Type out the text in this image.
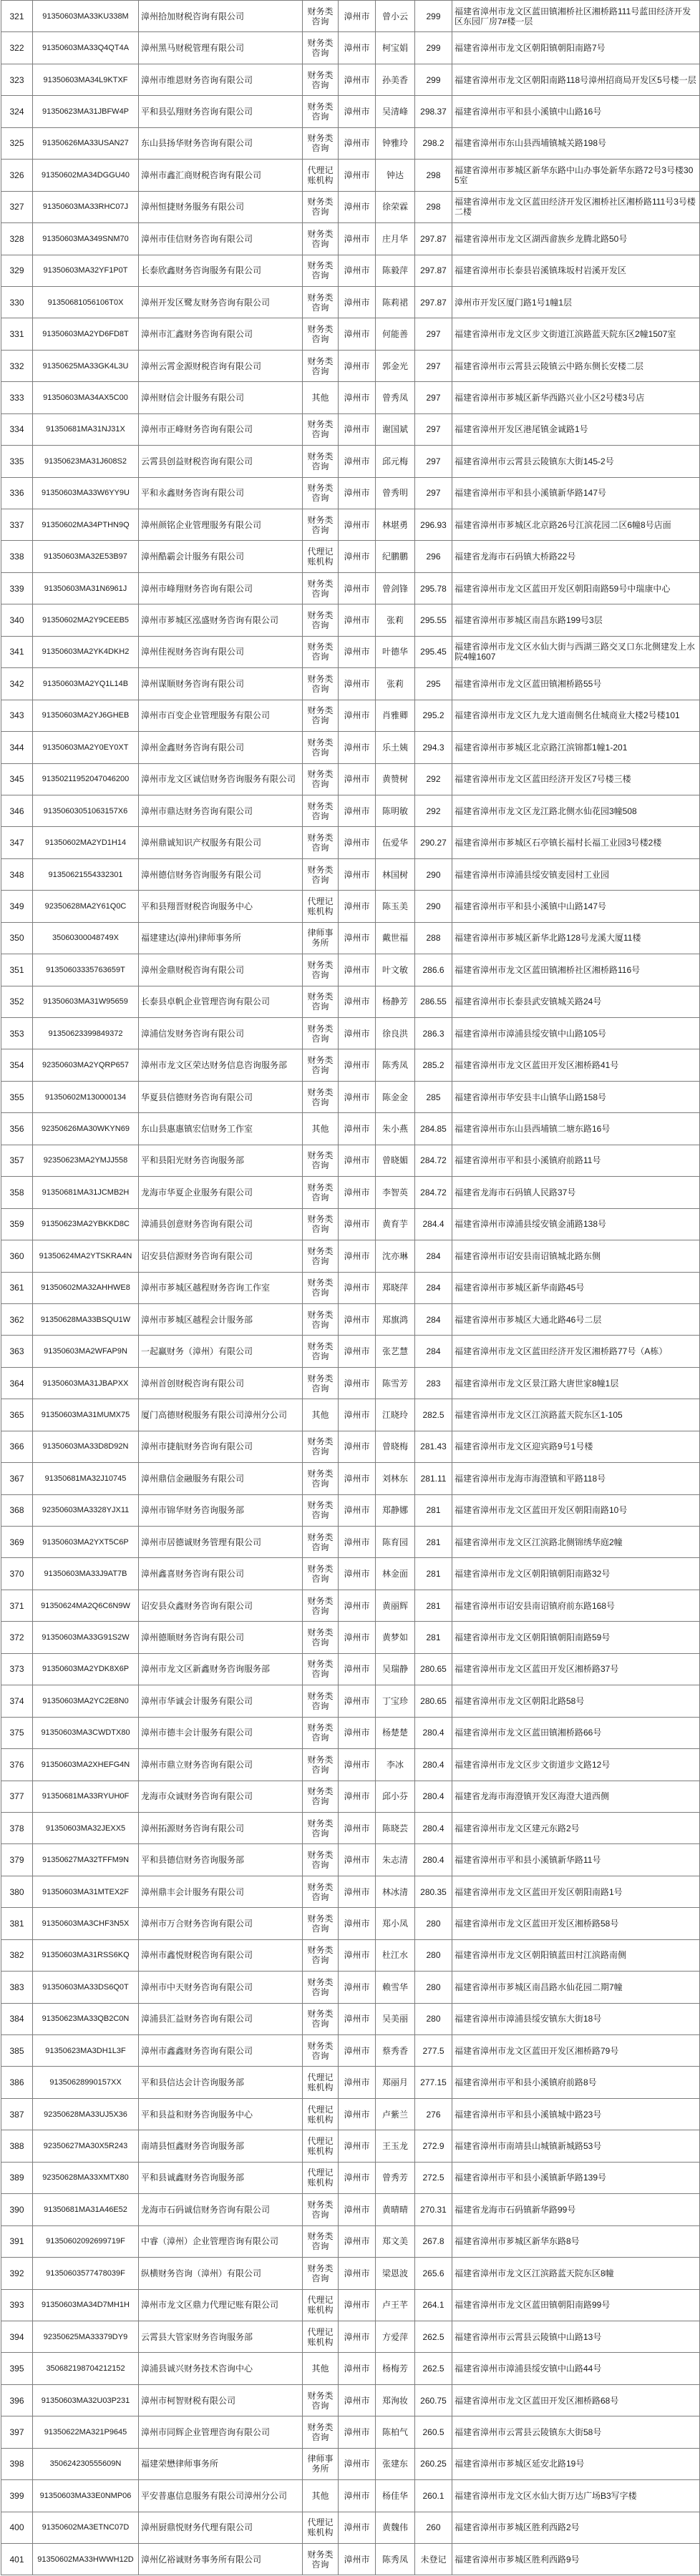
321	91350603MA33KU338M	漳州拾加财税咨询有限公司	财务类咨询	漳州市	曾小云	299	福建省漳州市龙文区蓝田镇湘桥社区湘桥路111号蓝田经济开发区东园厂房7#楼一层
322	91350603MA33Q4QT4A	漳州黑马财税管理有限公司	财务类咨询	漳州市	柯宝娟	299	福建省漳州市龙文区朝阳镇朝阳南路7号
323	91350603MA34L9KTXF	漳州市维恩财务咨询有限公司	财务类咨询	漳州市	孙美香	299	福建省漳州市龙文区朝阳南路118号漳州招商局开发区5号楼一层
324	91350623MA31JBFW4P	平和县弘翔财务咨询有限公司	财务类咨询	漳州市	吴清峰	298.37	福建省漳州市平和县小溪镇中山路16号
325	91350626MA33USAN27	东山县扬华财务咨询有限公司	财务类咨询	漳州市	钟雅玲	298.2	福建省漳州市东山县西埔镇城关路198号
326	91350602MA34DGGU40	漳州市鑫汇商财税咨询有限公司	代理记账机构	漳州市	钟达	298	福建省漳州市芗城区新华东路中山办事处新华东路72号3号楼305室
327	91350603MA33RHC07J	漳州恒捷财务服务有限公司	财务类咨询	漳州市	徐荣霖	298	福建省漳州市龙文区蓝田经济开发区湘桥社区湘桥路111号3号楼二楼
328	91350603MA349SNM70	漳州市佳信财务咨询有限公司	财务类咨询	漳州市	庄月华	297.87	福建省漳州市龙文区湖西畲族乡龙腾北路50号
329	91350603MA32YF1P0T	长泰欣鑫财务咨询服务有限公司	财务类咨询	漳州市	陈毅萍	297.87	福建省漳州市长泰县岩溪镇珠坂村岩溪开发区
330	91350681056106T0X	漳州开发区鹭友财务咨询有限公司	财务类咨询	漳州市	陈莉裙	297.87	漳州市开发区厦门路1号1幢1层
331	91350603MA2YD6FD8T	漳州市汇鑫财务咨询有限公司	财务类咨询	漳州市	何能善	297	福建省漳州市龙文区步文街道江滨路蓝天院东区2幢1507室
332	91350625MA33GK4L3U	漳州云霄金源财税咨询有限公司	财务类咨询	漳州市	郭金光	297	福建省漳州市云霄县云陵镇云中路东侧长安楼二层
333	91350603MA34AX5C00	漳州财信会计服务有限公司	其他	漳州市	曾秀凤	297	福建省漳州市芗城区新华西路兴业小区2号楼3号店
334	91350681MA31NJ31X	漳州市正峰财务咨询有限公司	财务类咨询	漳州市	谢国斌	297	福建省漳州开发区港尾镇金诚路1号
335	91350623MA31J608S2	云霄县创益财税咨询有限公司	财务类咨询	漳州市	邱元梅	297	福建省漳州市云霄县云陵镇东大街145-2号
336	91350603MA33W6YY9U	平和永鑫财务咨询有限公司	财务类咨询	漳州市	曾秀明	297	福建省漳州市平和县小溪镇新华路147号
337	91350602MA34PTHN9Q	漳州颜铭企业管理服务有限公司	财务类咨询	漳州市	林堪勇	296.93	福建省漳州市芗城区北京路26号江滨花园二区6幢8号店面
338	91350603MA32E53B97	漳州酷霸会计服务有限公司	代理记账机构	漳州市	纪鹏鹏	296	福建省龙海市石码镇大桥路22号
339	91350603MA31N6961J	漳州市峰翔财务咨询有限公司	财务类咨询	漳州市	曾剑锋	295.78	福建省漳州市龙文区蓝田开发区朝阳南路59号中瑞康中心
340	91350602MA2Y9CEEB5	漳州市芗城区泓盛财务咨询有限公司	财务类咨询	漳州市	张莉	295.55	福建省漳州市芗城区南昌东路199号3层
341	91350603MA2YK4DKH2	漳州佳视财务咨询有限公司	财务类咨询	漳州市	叶德华	295.45	福建省漳州市龙文区水仙大街与西湖三路交叉口东北侧建发上水院4幢1607
342	91350603MA2YQ1L14B	漳州谋顺财务咨询有限公司	财务类咨询	漳州市	张莉	295	福建省漳州市龙文区蓝田镇湘桥路55号
343	91350603MA2YJ6GHEB	漳州市百变企业管理服务有限公司	财务类咨询	漳州市	肖雅卿	295.2	福建省漳州市龙文区九龙大道南侧名仕城商业大楼2号楼101
344	91350603MA2Y0EY0XT	漳州金鑫财务咨询有限公司	财务类咨询	漳州市	乐土姨	294.3	福建省漳州市芗城区北京路江滨锦都1幢1-201
345	91350211952047046200	漳州市龙文区诚信财务咨询服务有限公司	财务类咨询	漳州市	黄赞树	292	福建省漳州市龙文区蓝田经济开发区7号楼三楼
346	91350603051063157X6	漳州市鼎达财务咨询有限公司	财务类咨询	漳州市	陈明敏	292	福建省漳州市龙文区龙江路北侧水仙花园3幢508
347	91350602MA2YD1H14	漳州鼎诚知识产权服务有限公司	财务类咨询	漳州市	伍爱华	290.27	福建省漳州市芗城区石亭镇长福村长福工业园3号楼2楼
348	91350621554332301	漳州德信财务咨询服务有限公司	财务类咨询	漳州市	林国树	290	福建省漳州市漳浦县绥安镇麦园村工业园
349	92350628MA2Y61Q0C	平和县翔晋财税咨询服务中心	代理记账机构	漳州市	陈玉美	290	福建省漳州市平和县小溪镇中山路147号
350	35060300048749X	福建建达(漳州)律师事务所	律师事务所	漳州市	戴世福	288	福建省漳州市芗城区新华北路128号龙溪大厦11楼
351	91350603335763659T	漳州金鼎财税咨询有限公司	财务类咨询	漳州市	叶文敏	286.6	福建省漳州市龙文区蓝田镇湘桥社区湘桥路116号
352	91350603MA31W95659	长泰县卓帆企业管理咨询有限公司	财务类咨询	漳州市	杨静芳	286.55	福建省漳州市长泰县武安镇城关路24号
353	91350623399849372	漳浦信发财务咨询有限公司	财务类咨询	漳州市	徐良洪	286.3	福建省漳州市漳浦县绥安镇中山路105号
354	92350603MA2YQRP657	漳州市龙文区荣达财务信息咨询服务部	财务类咨询	漳州市	陈秀凤	285.2	福建省漳州市龙文区蓝田开发区湘桥路41号
355	91350602M130000134	华夏县信德财务咨询有限公司	财务类咨询	漳州市	陈金金	285	福建省漳州市华安县丰山镇华山路158号
356	92350626MA30WKYN69	东山县惠惠镇宏信财务工作室	其他	漳州市	朱小燕	284.85	福建省漳州市东山县西埔镇二塘东路16号
357	92350623MA2YMJJ558	平和县阳光财务咨询服务部	财务类咨询	漳州市	曾晓媚	284.72	福建省漳州市平和县小溪镇府前路11号
358	91350681MA31JCMB2H	龙海市华夏企业服务有限公司	财务类咨询	漳州市	李智英	284.72	福建省龙海市石码镇人民路37号
359	91350623MA2YBKKD8C	漳浦县创意财务咨询有限公司	财务类咨询	漳州市	黄育芋	284.4	福建省漳州市漳浦县绥安镇金浦路138号
360	91350624MA2YTSKRA4N	诏安县信源财务咨询有限公司	财务类咨询	漳州市	沈亦琳	284	福建省漳州市诏安县南诏镇城北路东侧
361	91350602MA32AHHWE8	漳州市芗城区越程财务咨询工作室	财务类咨询	漳州市	郑晓萍	284	福建省漳州市芗城区新华南路45号
362	91350628MA33BSQU1W	漳州市芗城区越程会计服务部	财务类咨询	漳州市	郑旗鸿	284	福建省漳州市芗城区大通北路46号二层
363	91350603MA2WFAP9N	一起赢财务（漳州）有限公司	财务类咨询	漳州市	张艺慧	284	福建省漳州市龙文区蓝田经济开发区湘桥路77号（A栋）
364	91350603MA31JBAPXX	漳州首创财税咨询有限公司	财务类咨询	漳州市	陈雪芳	283	福建省漳州市龙文区景江路大唐世家8幢1层
365	91350603MA31MUMX75	厦门高德财税服务有限公司漳州分公司	其他	漳州市	江晓玲	282.5	福建省漳州市龙文区江滨路蓝天院东区1-105
366	91350603MA33D8D92N	漳州市捷航财务咨询有限公司	财务类咨询	漳州市	曾晓梅	281.43	福建省漳州市龙文区迎宾路9号1号楼
367	91350681MA32J10745	漳州鼎信金融服务有限公司	财务类咨询	漳州市	刘林东	281.11	福建省漳州市龙海市海澄镇和平路118号
368	92350603MA3328YJX11	漳州市锦华财务咨询服务部	财务类咨询	漳州市	郑静娜	281	福建省漳州市龙文区蓝田开发区朝阳南路10号
369	91350603MA2YXT5C6P	漳州市居德诚财务管理有限公司	财务类咨询	漳州市	陈育园	281	福建省漳州市龙文区江滨路北侧锦绣华庭2幢
370	91350603MA33J9AT7B	漳州鑫喜财务咨询有限公司	财务类咨询	漳州市	林金面	281	福建省漳州市龙文区朝阳镇朝阳南路32号
371	91350624MA2Q6C6N9W	诏安县众鑫财务咨询有限公司	财务类咨询	漳州市	黄丽辉	281	福建省漳州市诏安县南诏镇府前东路168号
372	91350603MA33G91S2W	漳州德顺财务咨询有限公司	财务类咨询	漳州市	黄梦如	281	福建省漳州市龙文区朝阳镇朝阳南路59号
373	91350603MA2YDK8X6P	漳州市龙文区新鑫财务咨询服务部	财务类咨询	漳州市	吴瑞静	280.65	福建省漳州市龙文区蓝田开发区湘桥路37号
374	91350603MA2YC2E8N0	漳州市华诚会计服务有限公司	财务类咨询	漳州市	丁宝珍	280.65	福建省漳州市龙文区朝阳北路58号
375	91350603MA3CWDTX80	漳州市德丰会计服务有限公司	财务类咨询	漳州市	杨楚楚	280.4	福建省漳州市龙文区蓝田镇湘桥路66号
376	91350603MA2XHEFG4N	漳州市鼎立财务咨询有限公司	财务类咨询	漳州市	李冰	280.4	福建省漳州市龙文区步文街道步文路12号
377	91350681MA33RYUH0F	龙海市众诚财务咨询有限公司	财务类咨询	漳州市	邱小芬	280.4	福建省龙海市海澄镇开发区海澄大道西侧
378	91350603MA32JEXX5	漳州拓源财务咨询有限公司	财务类咨询	漳州市	陈晓芸	280.4	福建省漳州市龙文区建元东路2号
379	91350627MA32TFFM9N	平和县德信财务咨询服务部	财务类咨询	漳州市	朱志清	280.4	福建省漳州市平和县小溪镇新华路11号
380	91350603MA31MTEX2F	漳州鼎丰会计服务有限公司	财务类咨询	漳州市	林冰清	280.35	福建省漳州市龙文区蓝田开发区朝阳南路1号
381	91350603MA3CHF3N5X	漳州市万合财务咨询有限公司	财务类咨询	漳州市	郑小凤	280	福建省漳州市龙文区蓝田开发区湘桥路58号
382	91350603MA31RSS6KQ	漳州市鑫悦财税咨询有限公司	财务类咨询	漳州市	杜江水	280	福建省漳州市龙文区朝阳镇蓝田村江滨路南侧
383	91350603MA33DS6Q0T	漳州市中天财务咨询有限公司	财务类咨询	漳州市	赖雪华	280	福建省漳州市芗城区南昌路水仙花园二期7幢
384	91350623MA33QB2C0N	漳浦县汇益财务咨询有限公司	财务类咨询	漳州市	吴美丽	280	福建省漳州市漳浦县绥安镇东大街18号
385	91350623MA3DH1L3F	漳州市鑫鑫财务咨询有限公司	财务类咨询	漳州市	蔡秀香	277.5	福建省漳州市龙文区蓝田开发区湘桥路79号
386	91350628990157XX	平和县信达会计咨询服务部	代理记账机构	漳州市	郑丽月	277.15	福建省漳州市平和县小溪镇府前路8号
387	92350628MA33UJ5X36	平和县益和财务咨询服务中心	代理记账机构	漳州市	卢紫兰	276	福建省漳州市平和县小溪镇城中路23号
388	92350627MA30X5R243	南靖县恒鑫财务咨询服务部	代理记账机构	漳州市	王玉龙	272.9	福建省漳州市南靖县山城镇新城路53号
389	92350628MA33XMTX80	平和县诚鑫财务咨询服务部	代理记账机构	漳州市	曾秀芳	272.5	福建省漳州市平和县小溪镇新华路139号
390	91350681MA31A46E52	龙海市石码诚信财务咨询有限公司	财务类咨询	漳州市	黄晴晴	270.31	福建省龙海市石码镇新华路99号
391	91350602092699719F	中睿（漳州）企业管理咨询有限公司	财务类咨询	漳州市	郑文美	267.8	福建省漳州市芗城区新华东路8号
392	91350603577478039F	纵横财务咨询（漳州）有限公司	财务类咨询	漳州市	梁恩波	265.6	福建省漳州市龙文区江滨路蓝天院东区8幢
393	91350603MA34D7MH1H	漳州市龙文区鼎力代理记账有限公司	代理记账机构	漳州市	卢王芊	264.1	福建省漳州市龙文区蓝田镇朝阳南路99号
394	92350625MA33379DY9	云霄县大管家财务咨询服务部	代理记账机构	漳州市	方爱萍	262.5	福建省漳州市云霄县云陵镇中山路13号
395	350682198704212152	漳浦县诚兴财务技术咨询中心	其他	漳州市	杨梅芳	262.5	福建省漳州市漳浦县绥安镇中山路44号
396	91350603MA32U03P231	漳州市柯智财税有限公司	财务类咨询	漳州市	郑洵妆	260.75	福建省漳州市龙文区蓝田开发区湘桥路68号
397	91350622MA321P9645	漳州市同辉企业管理咨询有限公司	财务类咨询	漳州市	陈柏气	260.5	福建省漳州市云霄县云陵镇东大街58号
398	350624230555609N	福建荣懋律师事务所	律师事务所	漳州市	张建东	260.25	福建省漳州市芗城区延安北路19号
399	91350603MA33E0NMP06	平安普惠信息服务有限公司漳州分公司	其他	漳州市	杨佳华	260.1	福建省漳州市龙文区水仙大街万达广场B3写字楼
400	91350602MA3ETNC07D	漳州厨鼎悦财务代理有限公司	代理记账机构	漳州市	黄魏伟	260	福建省漳州市芗城区胜利西路2号
401	91350602MA33HWWH12D	漳州亿裕诚财务事务所有限公司	财务类咨询	漳州市	陈秀凤	未登记	福建省漳州市芗城区胜利西路9号
